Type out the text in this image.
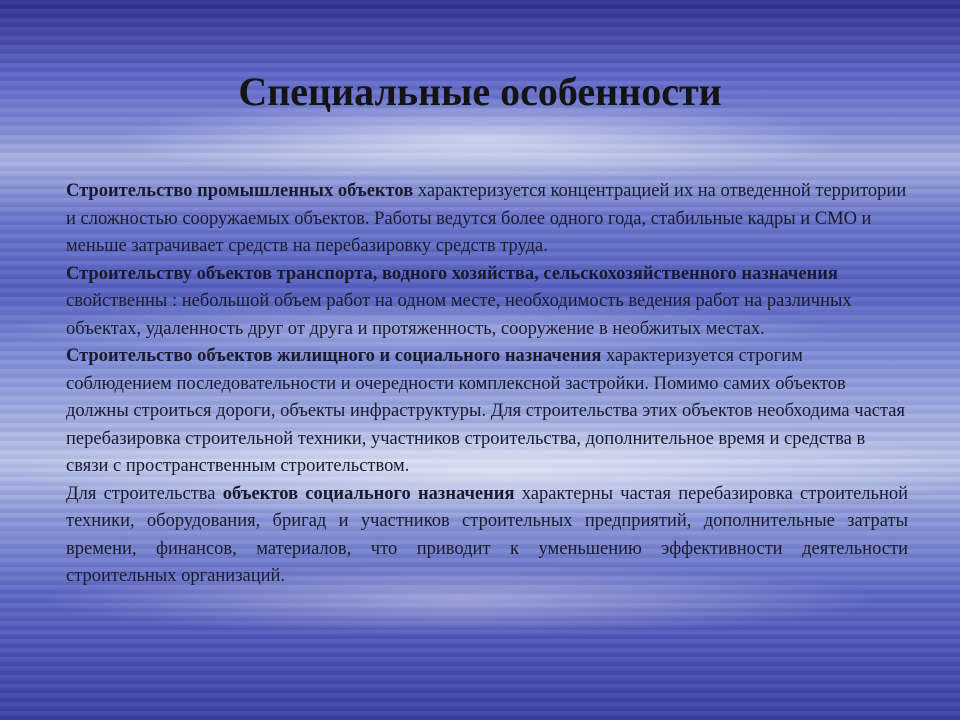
Специальные особенности

Строительство промышленных объектов характеризуется концентрацией их на отведенной территории и сложностью сооружаемых объектов. Работы ведутся более одного года, стабильные кадры и СМО и меньше затрачивает средств на перебазировку средств труда.

Строительству объектов транспорта, водного хозяйства, сельскохозяйственного назначения свойственны : небольшой объем работ на одном месте, необходимость ведения работ на различных объектах, удаленность друг от друга и протяженность, сооружение в необжитых местах.

Строительство объектов жилищного и социального назначения характеризуется строгим соблюдением последовательности и очередности комплексной застройки. Помимо самих объектов должны строиться дороги, объекты инфраструктуры. Для строительства этих объектов необходима частая перебазировка строительной техники, участников строительства, дополнительное время и средства в связи с пространственным строительством.

Для строительства объектов социального назначения характерны частая перебазировка строительной техники, оборудования, бригад и участников строительных предприятий, дополнительные затраты времени, финансов, материалов, что приводит к уменьшению эффективности деятельности
строительных организаций.
